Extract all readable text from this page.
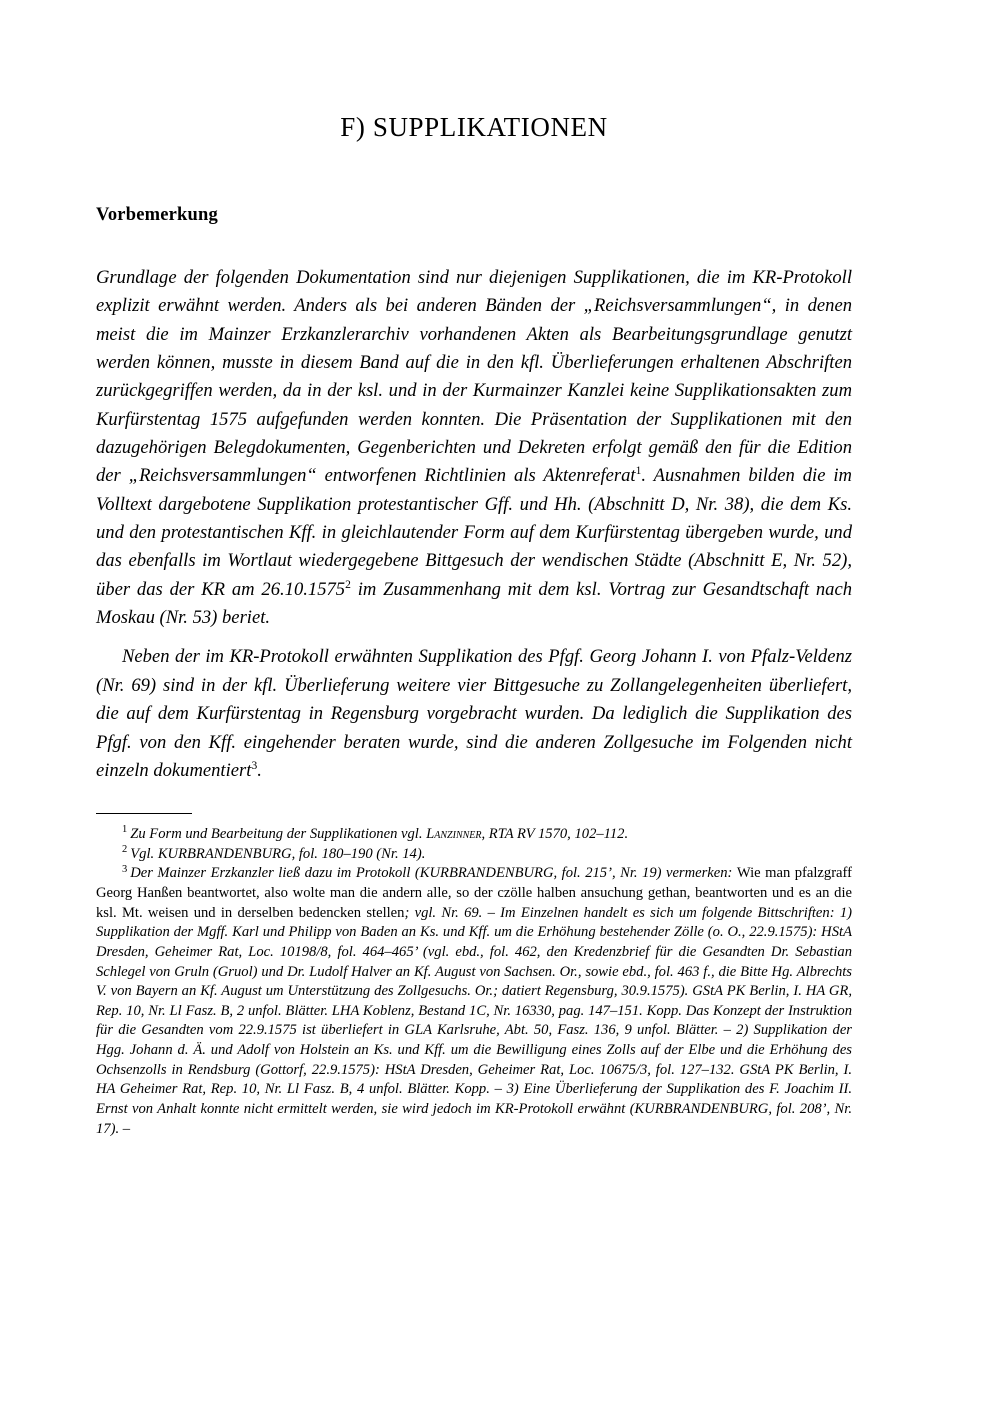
F) SUPPLIKATIONEN
Vorbemerkung

Grundlage der folgenden Dokumentation sind nur diejenigen Supplikationen, die im KR-Protokoll explizit erwähnt werden. Anders als bei anderen Bänden der „Reichsversammlungen“, in denen meist die im Mainzer Erzkanzlerarchiv vorhandenen Akten als Bearbeitungsgrundlage genutzt werden können, musste in diesem Band auf die in den kfl. Überlieferungen erhaltenen Abschriften zurückgegriffen werden, da in der ksl. und in der Kurmainzer Kanzlei keine Supplikationsakten zum Kurfürstentag 1575 aufgefunden werden konnten. Die Präsentation der Supplikationen mit den dazugehörigen Belegdokumenten, Gegenberichten und Dekreten erfolgt gemäß den für die Edition der „Reichsversammlungen“ entworfenen Richtlinien als Aktenreferat$^1$. Ausnahmen bilden die im Volltext dargebotene Supplikation protestantischer Gff. und Hh. (Abschnitt D, Nr. 38), die dem Ks. und den protestantischen Kff. in gleichlautender Form auf dem Kurfürstentag übergeben wurde, und das ebenfalls im Wortlaut wiedergegebene Bittgesuch der wendischen Städte (Abschnitt E, Nr. 52), über das der KR am 26.10.1575$^2$ im Zusammenhang mit dem ksl. Vortrag zur Gesandtschaft nach Moskau (Nr. 53) beriet.

Neben der im KR-Protokoll erwähnten Supplikation des Pfgf. Georg Johann I. von Pfalz-Veldenz (Nr. 69) sind in der kfl. Überlieferung weitere vier Bittgesuche zu Zollangelegenheiten überliefert, die auf dem Kurfürstentag in Regensburg vorgebracht wurden. Da lediglich die Supplikation des Pfgf. von den Kff. eingehender beraten wurde, sind die anderen Zollgesuche im Folgenden nicht einzeln dokumentiert$^3$.

$^1$ Zu Form und Bearbeitung der Supplikationen vgl. Lanzinner, RTA RV 1570, 102–112.

$^2$ Vgl. KURBRANDENBURG, fol. 180–190 (Nr. 14).

$^3$ Der Mainzer Erzkanzler ließ dazu im Protokoll (KURBRANDENBURG, fol. 215’, Nr. 19) vermerken: Wie man pfalzgraff Georg Hanßen beantwortet, also wolte man die andern alle, so der czölle halben ansuchung gethan, beantworten und es an die ksl. Mt. weisen und in derselben bedencken stellen; vgl. Nr. 69. – Im Einzelnen handelt es sich um folgende Bittschriften: 1) Supplikation der Mgff. Karl und Philipp von Baden an Ks. und Kff. um die Erhöhung bestehender Zölle (o. O., 22.9.1575): HStA Dresden, Geheimer Rat, Loc. 10198/8, fol. 464–465’ (vgl. ebd., fol. 462, den Kredenzbrief für die Gesandten Dr. Sebastian Schlegel von Gruln (Gruol) und Dr. Ludolf Halver an Kf. August von Sachsen. Or., sowie ebd., fol. 463 f., die Bitte Hg. Albrechts V. von Bayern an Kf. August um Unterstützung des Zollgesuchs. Or.; datiert Regensburg, 30.9.1575). GStA PK Berlin, I. HA GR, Rep. 10, Nr. Ll Fasz. B, 2 unfol. Blätter. LHA Koblenz, Bestand 1C, Nr. 16330, pag. 147–151. Kopp. Das Konzept der Instruktion für die Gesandten vom 22.9.1575 ist überliefert in GLA Karlsruhe, Abt. 50, Fasz. 136, 9 unfol. Blätter. – 2) Supplikation der Hgg. Johann d. Ä. und Adolf von Holstein an Ks. und Kff. um die Bewilligung eines Zolls auf der Elbe und die Erhöhung des Ochsenzolls in Rendsburg (Gottorf, 22.9.1575): HStA Dresden, Geheimer Rat, Loc. 10675/3, fol. 127–132. GStA PK Berlin, I. HA Geheimer Rat, Rep. 10, Nr. Ll Fasz. B, 4 unfol. Blätter. Kopp. – 3) Eine Überlieferung der Supplikation des F. Joachim II. Ernst von Anhalt konnte nicht ermittelt werden, sie wird jedoch im KR-Protokoll erwähnt (KURBRANDENBURG, fol. 208’, Nr. 17). –
